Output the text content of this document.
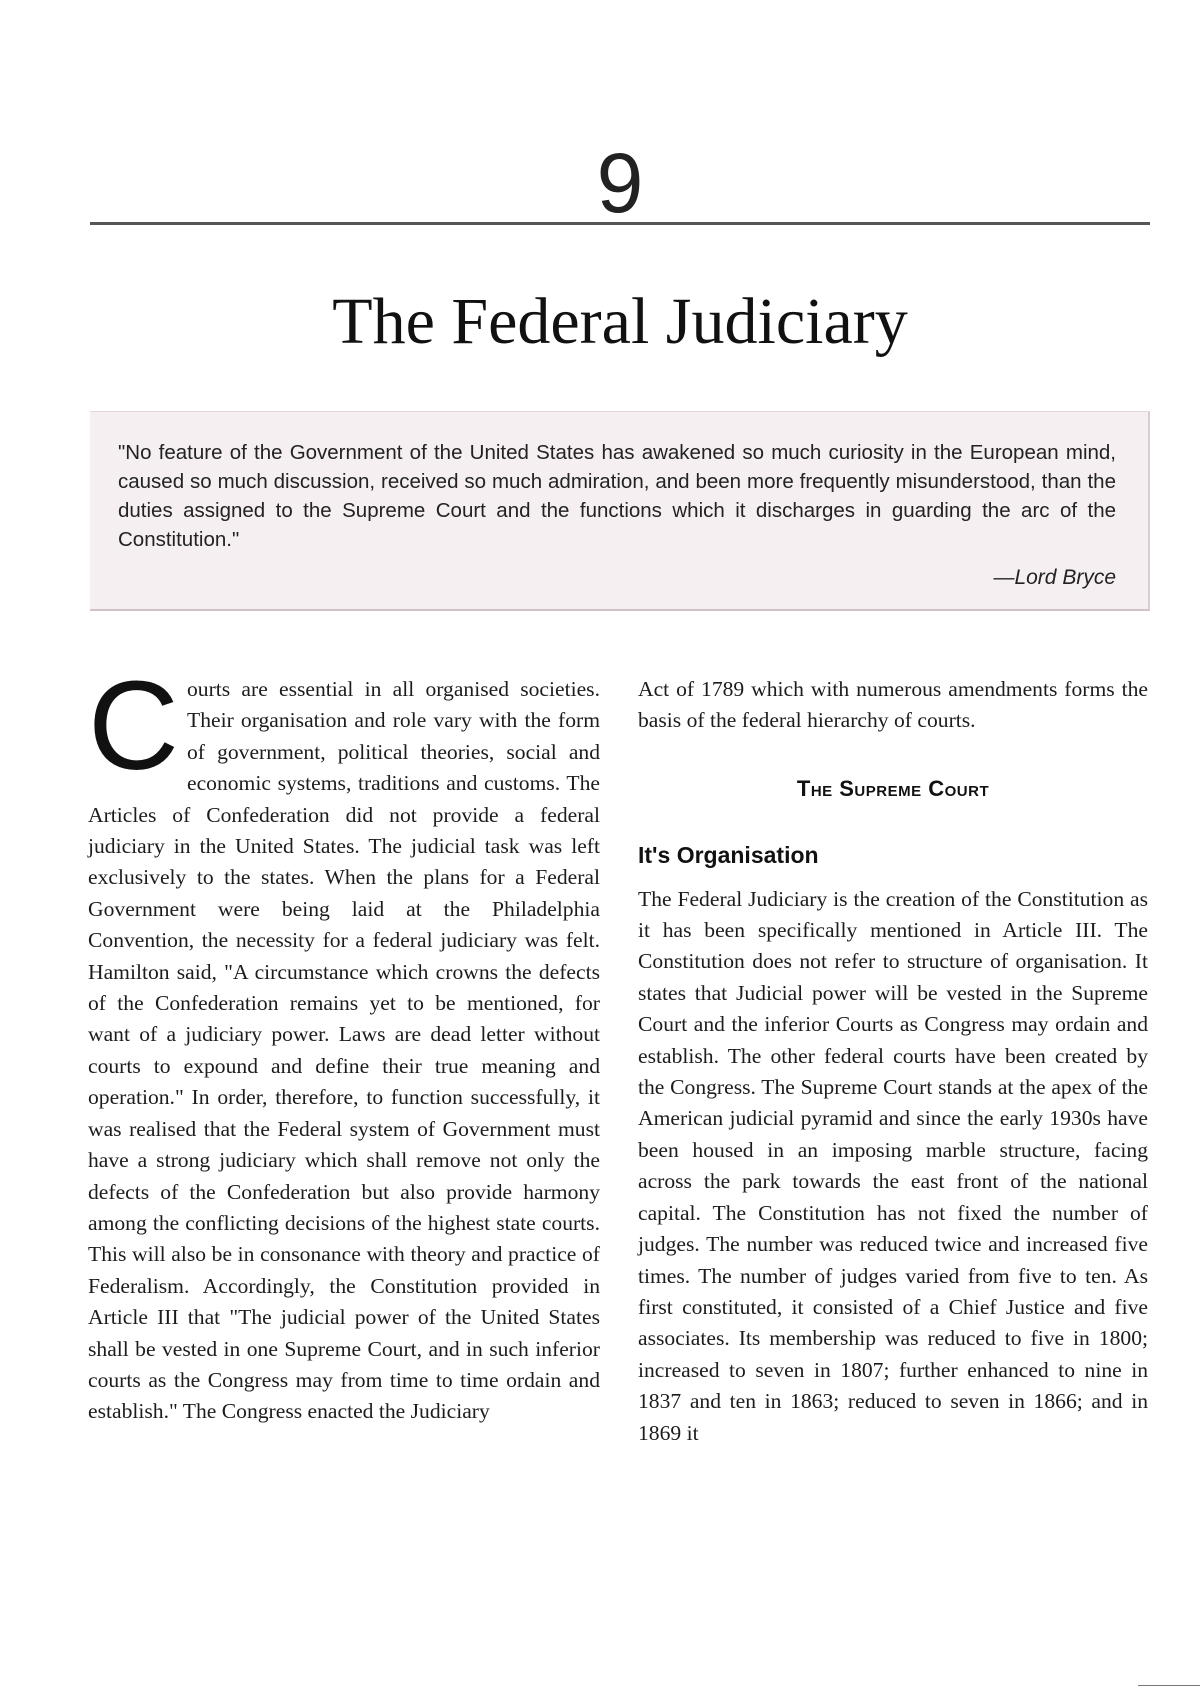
9
The Federal Judiciary

"No feature of the Government of the United States has awakened so much curiosity in the European mind, caused so much discussion, received so much admiration, and been more frequently misunderstood, than the duties assigned to the Supreme Court and the functions which it discharges in guarding the arc of the Constitution."

—Lord Bryce
C ourts are essential in all organised societies. Their organisation and role vary with the form of government, political theories, social and economic systems, traditions and customs. The Articles of Confederation did not provide a federal judiciary in the United States. The judicial task was left exclusively to the states. When the plans for a Federal Government were being laid at the Philadelphia Convention, the necessity for a federal judiciary was felt. Hamilton said, "A circumstance which crowns the defects of the Confederation remains yet to be mentioned, for want of a judiciary power. Laws are dead letter without courts to expound and define their true meaning and operation." In order, therefore, to function successfully, it was realised that the Federal system of Government must have a strong judiciary which shall remove not only the defects of the Confederation but also provide harmony among the conflicting decisions of the highest state courts. This will also be in consonance with theory and practice of Federalism. Accordingly, the Constitution provided in Article III that "The judicial power of the United States shall be vested in one Supreme Court, and in such inferior courts as the Congress may from time to time ordain and establish." The Congress enacted the Judiciary

Act of 1789 which with numerous amendments forms the basis of the federal hierarchy of courts.

The Supreme Court
It's Organisation

The Federal Judiciary is the creation of the Constitution as it has been specifically mentioned in Article III. The Constitution does not refer to structure of organisation. It states that Judicial power will be vested in the Supreme Court and the inferior Courts as Congress may ordain and establish. The other federal courts have been created by the Congress. The Supreme Court stands at the apex of the American judicial pyramid and since the early 1930s have been housed in an imposing marble structure, facing across the park towards the east front of the national capital. The Constitution has not fixed the number of judges. The number was reduced twice and increased five times. The number of judges varied from five to ten. As first constituted, it consisted of a Chief Justice and five associates. Its membership was reduced to five in 1800; increased to seven in 1807; further enhanced to nine in 1837 and ten in 1863; reduced to seven in 1866; and in 1869 it
